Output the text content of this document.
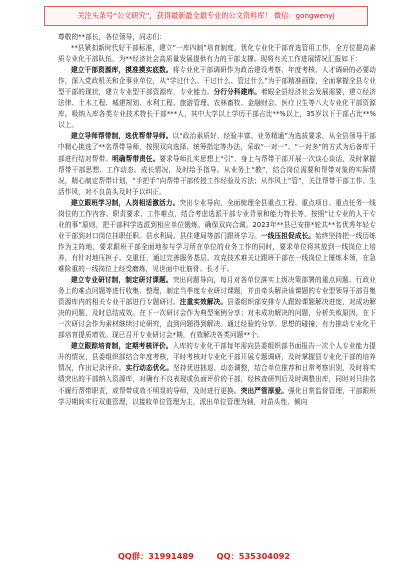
关注头条号“公文研究”，获得最新最全最专业的公文资料库！ 微信：gongwenyj

尊敬的**部长，各位领导，同志们：

**县紧扣新时代好干部标准，建立“一库四制”培育制度，优化专业化干部育选管用工作，全方位提高素质专业化干部队伍，为**经济社会高质量发展提供有力的干部支撑。现将有关工作进展情况汇报如下：

建立干部资源库，摸准摸实底数。将专业化干部调研作为政治建设考察、年度考核、人才调研的必要动作，深入党政机关和企事业单位，从“学过什么、干过什么、管过什么”为干部精准画像，全面掌握全县专业型干部的现状，建立专业型干部资源库，专业能力。分行分科建库。着眼全县经济社会发展需要，建立经济法律、土木工程、城建规划、水利工程、旅游管理、农林畜牧、金融财会、医疗卫生等八大专业化干部资源库。吸纳入库各类专业技术特长干部***人，其中大学以上学历干部占比**%以上，35岁以下干部占比**%以上。

建立导师帮带制，选优帮带导师。以“政治素质好、经验丰富、业务精通”为选拔要求，从全县领导干部中精心挑选了**名帮带导师，按照双向选择、统筹指定等办法，采取“一对一”、“一对多”的方式为后备库干部进行结对帮带。明确帮带责任。要求导师扎实思想上“引”、身上与帮带干部开展一次谈心谈话，及时掌握帮带干部思想、工作动态。成长情况，及时给予指导。从业务上“教”，结合岗位需要和帮带对象的实际情况，精心制定帮带计划，“手把手”向帮带干部传授工作经验及方法；从作风上“管”，关注帮带干部工作、生活作风，对不良苗头及时予以纠正。

建立跟班学习制，人岗相适激活力。突出专业导向，全面梳理全县重点工程、重点项目、重点任务一线岗位的工作内容、职责要求、工作难点，结合考虑选派干部专业背景和能力特长等，按照“让专业的人干专业的事”原则，把干部科学选派到相应单位锻炼，确保双向合调。2023年**县已安排*轮共**名优秀年轻专业干部到对口岗位挂职任职。县水利局、县住建局等部门跟班学习。一线压担促成长。始终坚持把一线历练作为主阵地，要求跟班干部全面地参与学习所在单位的业务工作的同时，要求单位将其放到一线岗位上培养，有针对地压担子、交重任，通过完善服务基层、攻克技术难关让跟班干部在一线岗位上锤炼本领，在急难险重的一线岗位上经受磨炼，见世面中壮筋骨、长才干。

建立专业研讨制，制定研讨课题。突出问题导向，每月对各单位落实上级决策部署的重点问题、行政业务上的难点问题等进行收集、整理，制定当季度专业研讨课题，并由牵头解决该课题的专业型领导干部召集资源库内的相关专业干部进行专题研讨。注重实效解决。县委组织部安排专人跟踪课题解决进度，对成功解决的问题，及时总结成效。在下一次研讨会作为典型案例分享；对未成功解决的问题，分析失败原因，在下一次研讨会作为素材继续讨论研究，直到问题得到解决。通过经验的分享、思想的碰撞，有力推动专业化干部培育提质增效。现已召开专业研讨会*期，有效解决各类问题**个。

建立跟踪培育制，定期考核评价。入库的专业化干部每年需向县委组织部书面报告一次个人专业能力提升的情况，县委组织部结合年度考核，平时考核对专业化干部开展专题调研，及时掌握县专业化干部的培养情况，作出记录评价。实行动态优化。坚持优进拙退、动态调整，结合单位推荐和日常考察识别，及时将实绩突出的干部纳入资源库，对确有不良表现或负面评价的干部，经核查研判后及时调整出库，同时对只挂名不履行帮带职责，或帮带成效不明显的导师，及时进行更换。突出严管厚爱。强化日常监督管理，干部跟班学习期间实行双重管理，以接收单位管理为主，派出单位管理为辅，对苗头性、倾向

QQ群：31991489	QQ：535304092
